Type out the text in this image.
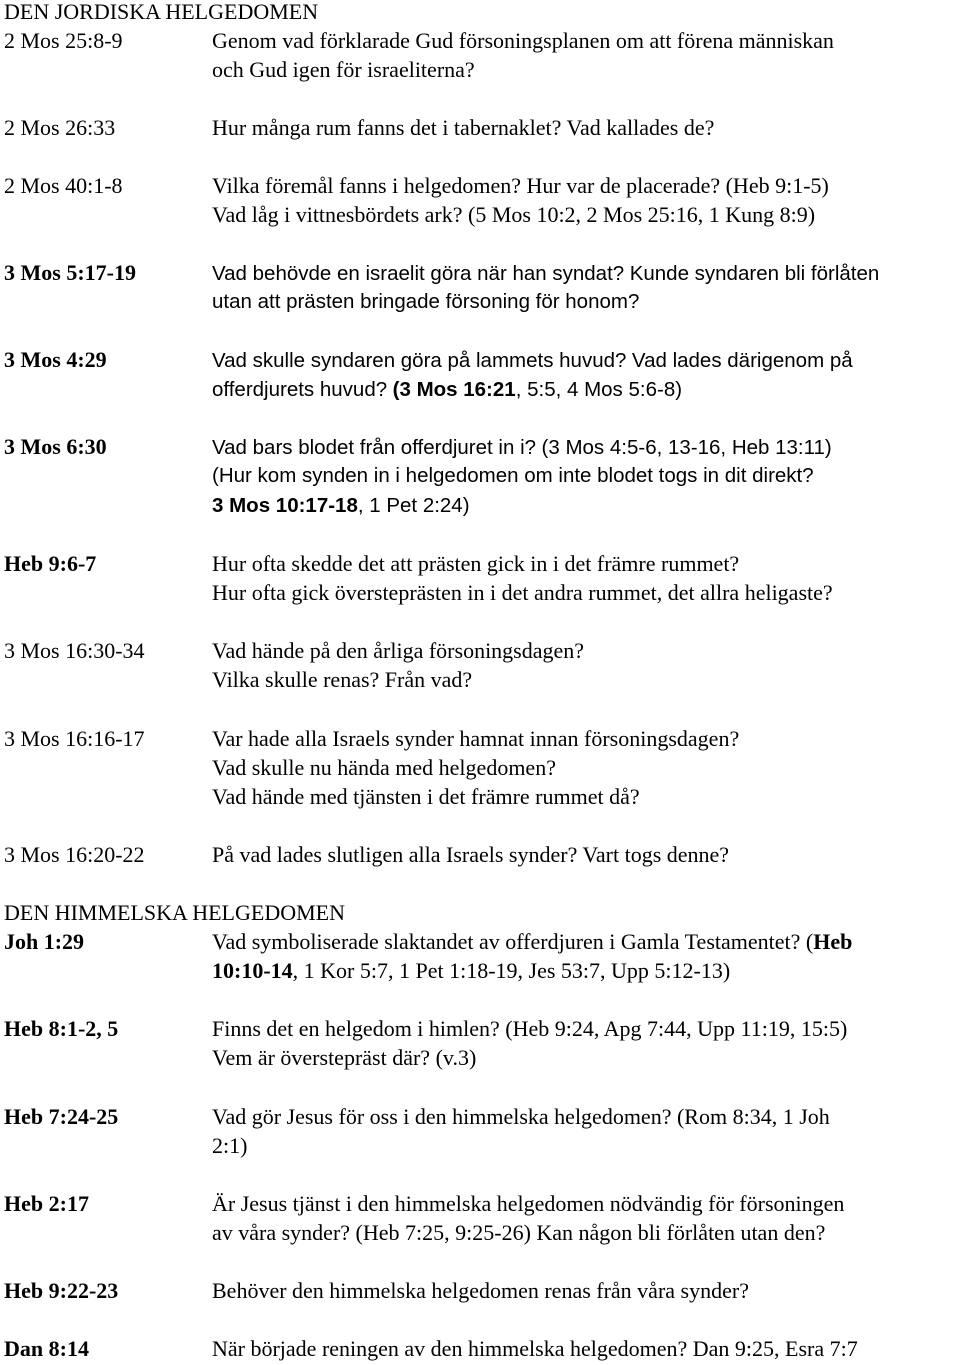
DEN JORDISKA HELGEDOMEN
2 Mos 25:8-9	Genom vad förklarade Gud försoningsplanen om att förena människan
och Gud igen för israeliterna?
2 Mos 26:33	Hur många rum fanns det i tabernaklet? Vad kallades de?
2 Mos 40:1-8	Vilka föremål fanns i helgedomen? Hur var de placerade? (Heb 9:1-5)
Vad låg i vittnesbördets ark? (5 Mos 10:2, 2 Mos 25:16, 1 Kung 8:9)
3 Mos 5:17-19	Vad behövde en israelit göra när han syndat? Kunde syndaren bli förlåten
utan att prästen bringade försoning för honom?
3 Mos 4:29	Vad skulle syndaren göra på lammets huvud? Vad lades därigenom på
offerdjurets huvud? (3 Mos 16:21, 5:5, 4 Mos 5:6-8)
3 Mos 6:30	Vad bars blodet från offerdjuret in i? (3 Mos 4:5-6, 13-16, Heb 13:11)
(Hur kom synden in i helgedomen om inte blodet togs in dit direkt?
3 Mos 10:17-18, 1 Pet 2:24)
Heb 9:6-7	Hur ofta skedde det att prästen gick in i det främre rummet?
Hur ofta gick översteprästen in i det andra rummet, det allra heligaste?
3 Mos 16:30-34	Vad hände på den årliga försoningsdagen?
Vilka skulle renas? Från vad?
3 Mos 16:16-17	Var hade alla Israels synder hamnat innan försoningsdagen?
Vad skulle nu hända med helgedomen?
Vad hände med tjänsten i det främre rummet då?
3 Mos 16:20-22	På vad lades slutligen alla Israels synder? Vart togs denne?
DEN HIMMELSKA HELGEDOMEN
Joh 1:29	Vad symboliserade slaktandet av offerdjuren i Gamla Testamentet? (Heb
10:10-14, 1 Kor 5:7, 1 Pet 1:18-19, Jes 53:7, Upp 5:12-13)
Heb 8:1-2, 5	Finns det en helgedom i himlen? (Heb 9:24, Apg 7:44, Upp 11:19, 15:5)
Vem är överstepräst där? (v.3)
Heb 7:24-25	Vad gör Jesus för oss i den himmelska helgedomen? (Rom 8:34, 1 Joh
2:1)
Heb 2:17	Är Jesus tjänst i den himmelska helgedomen nödvändig för försoningen
av våra synder? (Heb 7:25, 9:25-26) Kan någon bli förlåten utan den?
Heb 9:22-23	Behöver den himmelska helgedomen renas från våra synder?
Dan 8:14	När började reningen av den himmelska helgedomen? Dan 9:25, Esra 7:7
